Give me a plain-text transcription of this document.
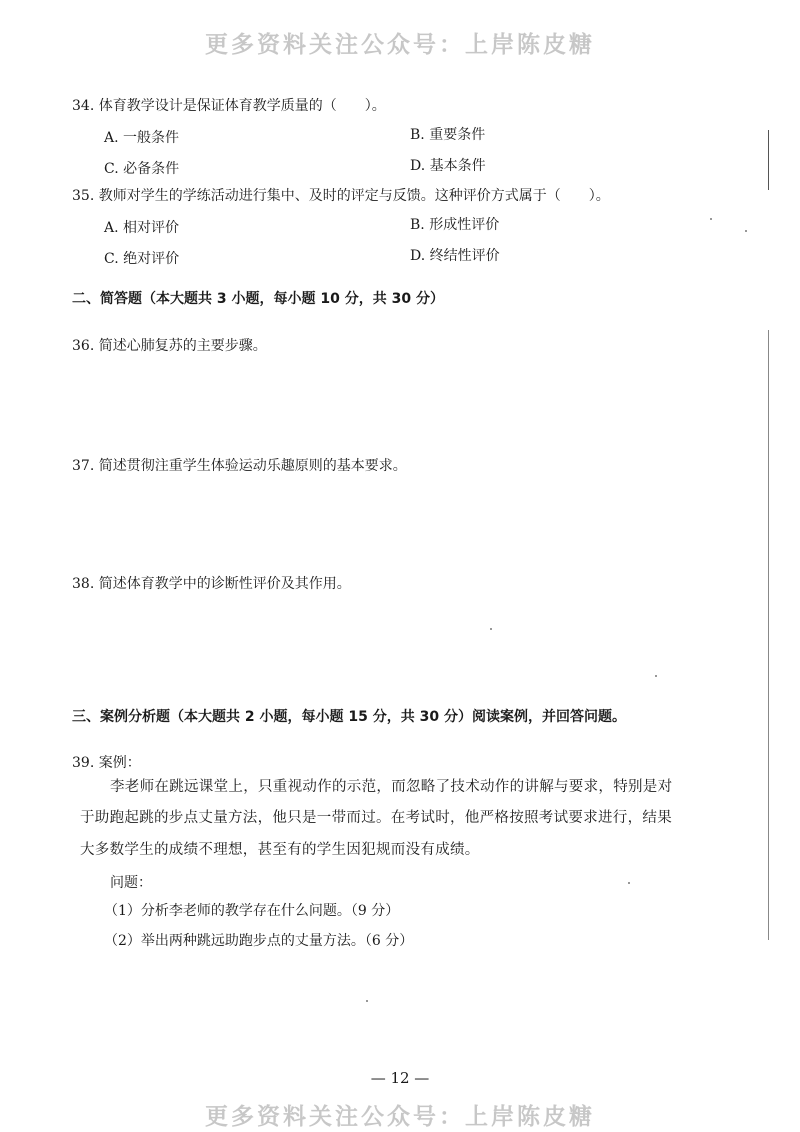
更多资料关注公众号：上岸陈皮糖
34. 体育教学设计是保证体育教学质量的（　　）。
A. 一般条件	B. 重要条件
C. 必备条件	D. 基本条件
35. 教师对学生的学练活动进行集中、及时的评定与反馈。这种评价方式属于（　　）。
A. 相对评价	B. 形成性评价
C. 绝对评价	D. 终结性评价
二、简答题（本大题共 3 小题，每小题 10 分，共 30 分）
36. 简述心肺复苏的主要步骤。
37. 简述贯彻注重学生体验运动乐趣原则的基本要求。
38. 简述体育教学中的诊断性评价及其作用。
三、案例分析题（本大题共 2 小题，每小题 15 分，共 30 分）阅读案例，并回答问题。
39. 案例：
李老师在跳远课堂上，只重视动作的示范，而忽略了技术动作的讲解与要求，特别是对
于助跑起跳的步点丈量方法，他只是一带而过。在考试时，他严格按照考试要求进行，结果
大多数学生的成绩不理想，甚至有的学生因犯规而没有成绩。
问题：
（1）分析李老师的教学存在什么问题。（9 分）
（2）举出两种跳远助跑步点的丈量方法。（6 分）
— 12 —
更多资料关注公众号：上岸陈皮糖
